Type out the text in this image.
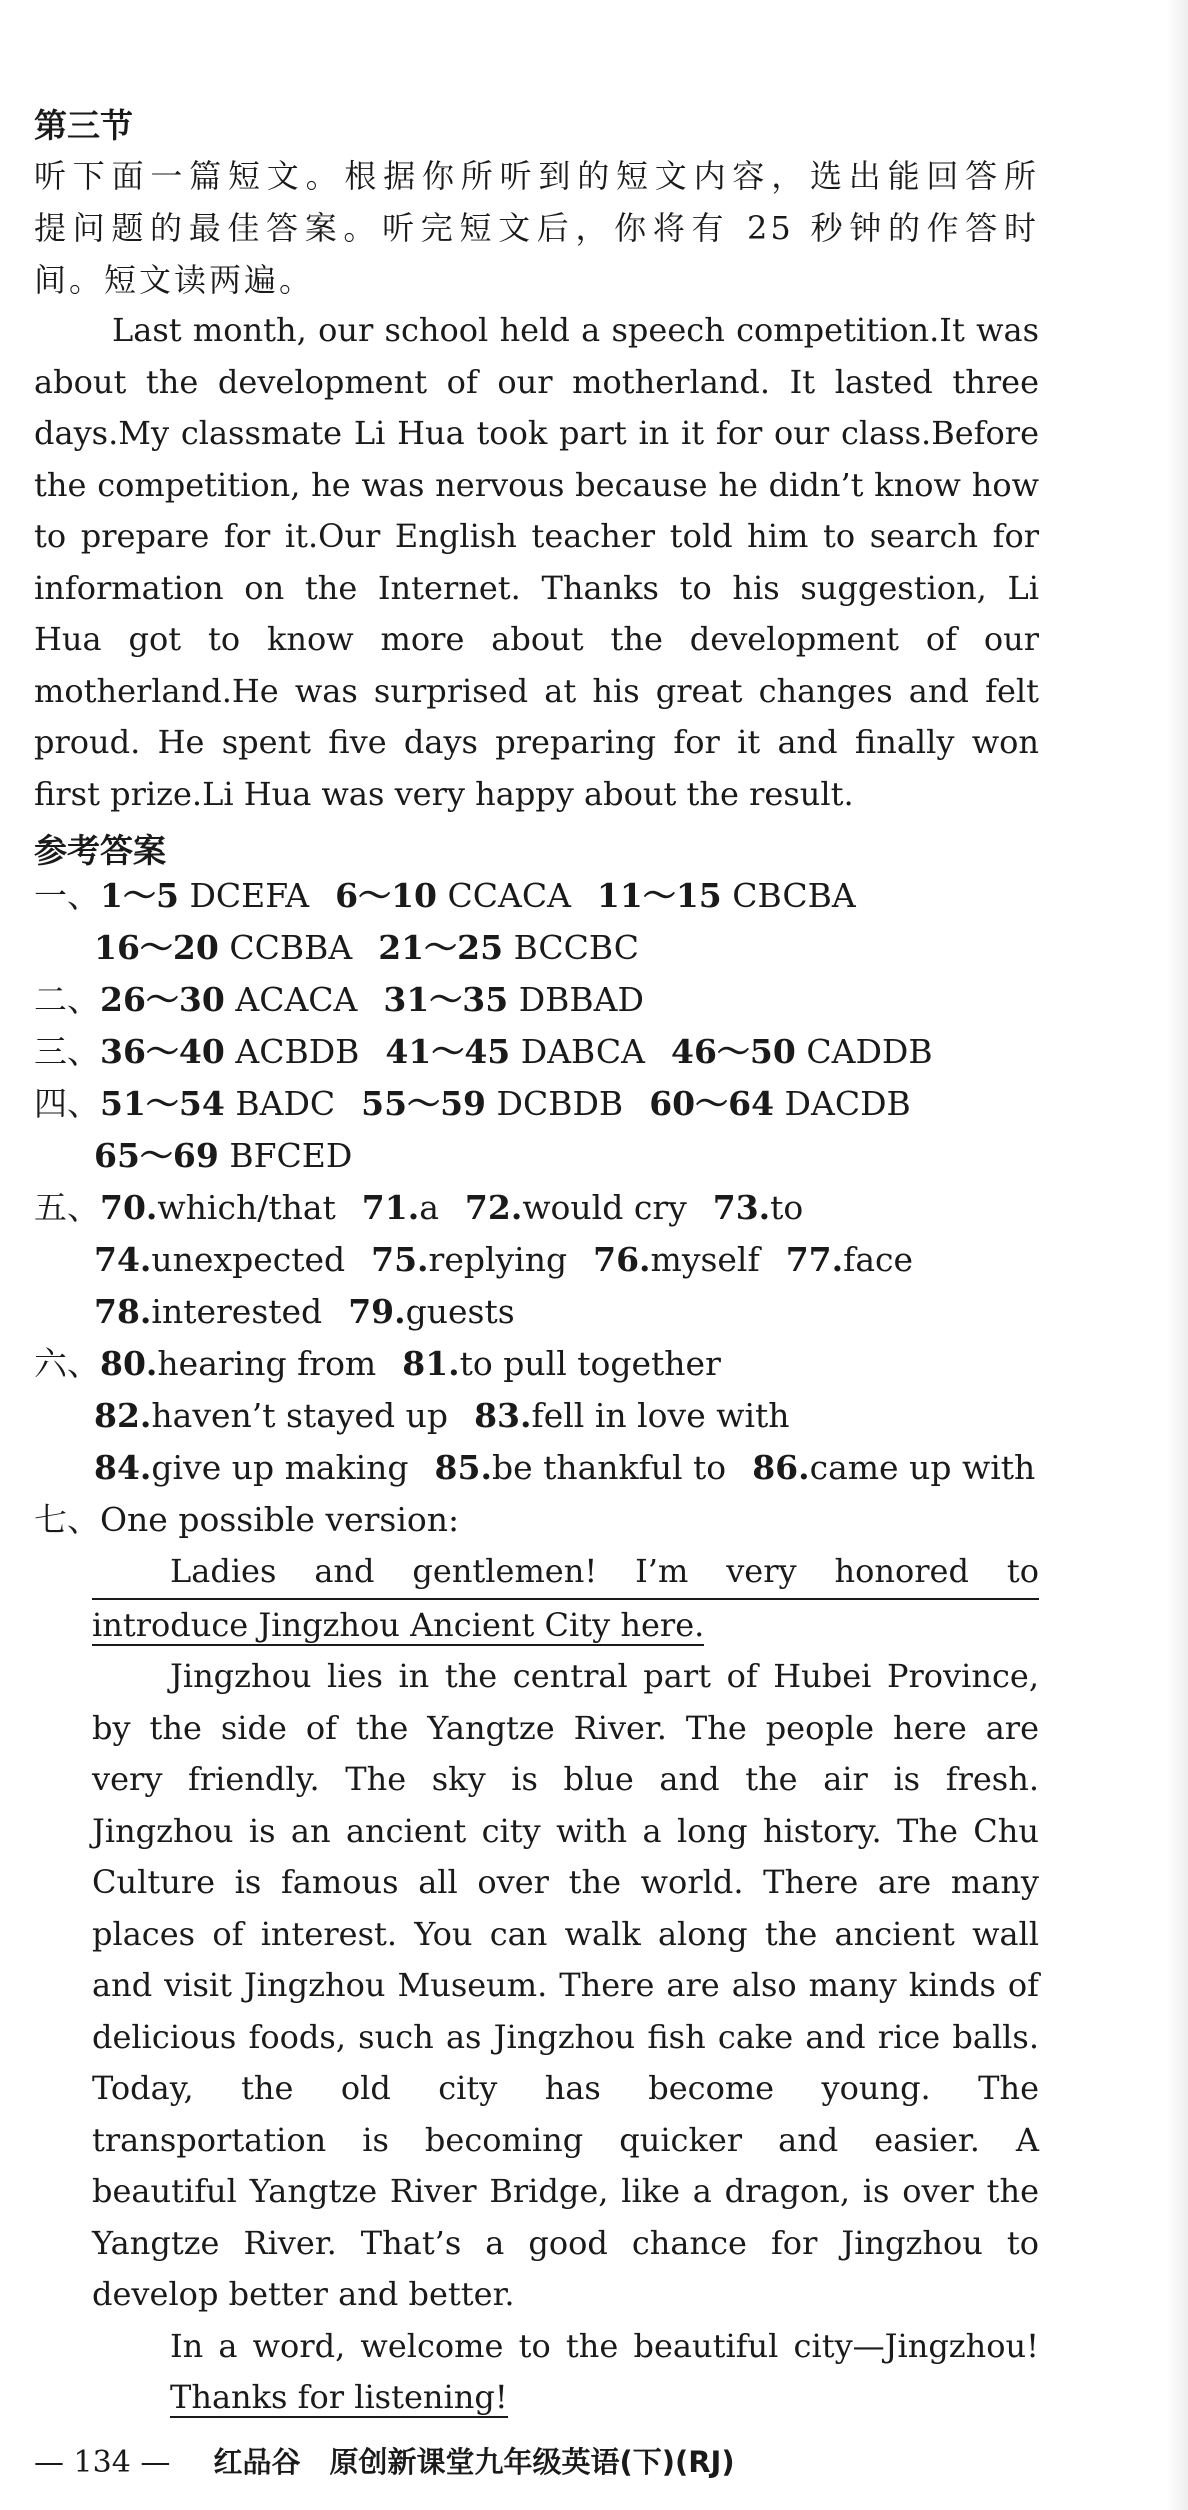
第三节

听下面一篇短文。根据你所听到的短文内容，选出能回答所

提问题的最佳答案。听完短文后，你将有 25 秒钟的作答时

间。短文读两遍。

Last month, our school held a speech competition.It was
about the development of our motherland. It lasted three
days.My classmate Li Hua took part in it for our class.Before
the competition, he was nervous because he didn’t know how
to prepare for it.Our English teacher told him to search for
information on the Internet. Thanks to his suggestion, Li
Hua got to know more about the development of our
motherland.He was surprised at his great changes and felt
proud. He spent five days preparing for it and finally won
first prize.Li Hua was very happy about the result.
参考答案
一、1～5 DCEFA 6～10 CCACA 11～15 CBCBA
16～20 CCBBA 21～25 BCCBC
二、26～30 ACACA 31～35 DBBAD
三、36～40 ACBDB 41～45 DABCA 46～50 CADDB
四、51～54 BADC 55～59 DCBDB 60～64 DACDB
65～69 BFCED
五、70.which/that 71.a 72.would cry 73.to
74.unexpected 75.replying 76.myself 77.face
78.interested 79.guests
六、80.hearing from 81.to pull together
82.haven’t stayed up 83.fell in love with
84.give up making 85.be thankful to 86.came up with
七、One possible version:
Ladies and gentlemen! I’m very honored to
introduce Jingzhou Ancient City here.
Jingzhou lies in the central part of Hubei Province,
by the side of the Yangtze River. The people here are
very friendly. The sky is blue and the air is fresh.
Jingzhou is an ancient city with a long history. The Chu
Culture is famous all over the world. There are many
places of interest. You can walk along the ancient wall
and visit Jingzhou Museum. There are also many kinds of
delicious foods, such as Jingzhou fish cake and rice balls.
Today, the old city has become young. The
transportation is becoming quicker and easier. A
beautiful Yangtze River Bridge, like a dragon, is over the
Yangtze River. That’s a good chance for Jingzhou to
develop better and better.
In a word, welcome to the beautiful city—Jingzhou!
Thanks for listening!
— 134 — 红品谷　原创新课堂九年级英语(下)(RJ)
